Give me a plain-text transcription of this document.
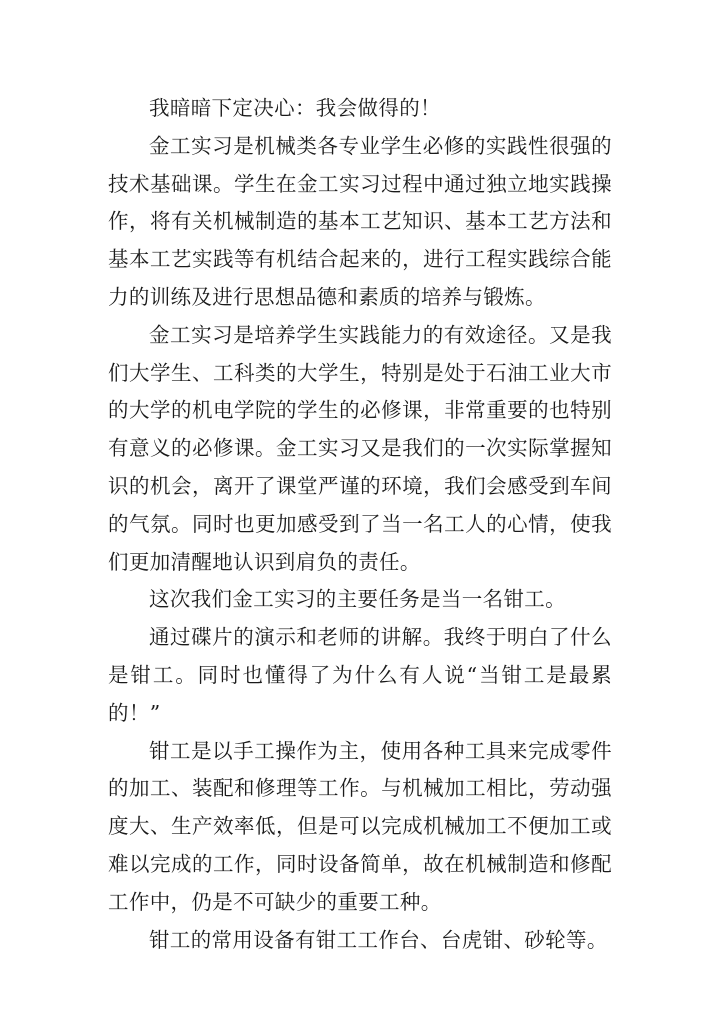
我暗暗下定决心：我会做得的！

金工实习是机械类各专业学生必修的实践性很强的技术基础课。学生在金工实习过程中通过独立地实践操作，将有关机械制造的基本工艺知识、基本工艺方法和基本工艺实践等有机结合起来的，进行工程实践综合能力的训练及进行思想品德和素质的培养与锻炼。

金工实习是培养学生实践能力的有效途径。又是我们大学生、工科类的大学生，特别是处于石油工业大市的大学的机电学院的学生的必修课，非常重要的也特别有意义的必修课。金工实习又是我们的一次实际掌握知识的机会，离开了课堂严谨的环境，我们会感受到车间的气氛。同时也更加感受到了当一名工人的心情，使我们更加清醒地认识到肩负的责任。

这次我们金工实习的主要任务是当一名钳工。

通过碟片的演示和老师的讲解。我终于明白了什么是钳工。同时也懂得了为什么有人说“当钳工是最累的！”

钳工是以手工操作为主，使用各种工具来完成零件的加工、装配和修理等工作。与机械加工相比，劳动强度大、生产效率低，但是可以完成机械加工不便加工或难以完成的工作，同时设备简单，故在机械制造和修配工作中，仍是不可缺少的重要工种。

钳工的常用设备有钳工工作台、台虎钳、砂轮等。
